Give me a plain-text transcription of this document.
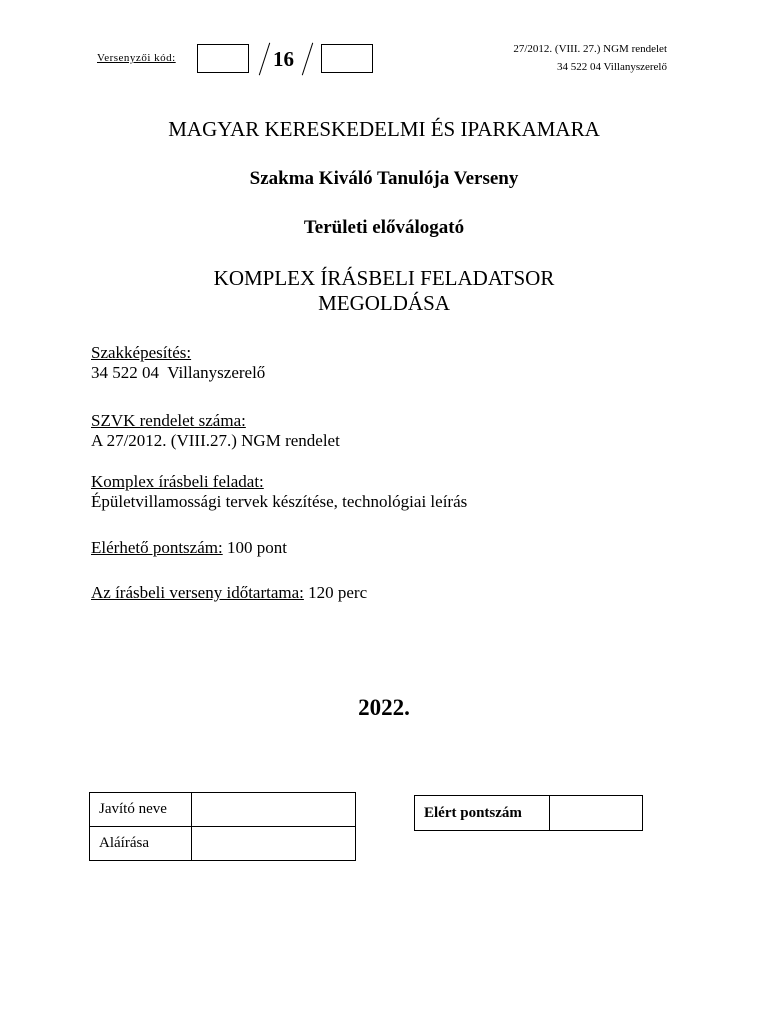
Versenyzői kód:	16	27/2012. (VIII. 27.) NGM rendelet
34 522 04 Villanyszerelő
MAGYAR KERESKEDELMI ÉS IPARKAMARA
Szakma Kiváló Tanulója Verseny
Területi előválogató
KOMPLEX ÍRÁSBELI FELADATSOR
MEGOLDÁSA
Szakképesítés:
34 522 04  Villanyszerelő
SZVK rendelet száma:
A 27/2012. (VIII.27.) NGM rendelet
Komplex írásbeli feladat:
Épületvillamossági tervek készítése, technológiai leírás
Elérhető pontszám: 100 pont
Az írásbeli verseny időtartama: 120 perc
2022.
Javító neve	
Aláírása	
Elért pontszám	
